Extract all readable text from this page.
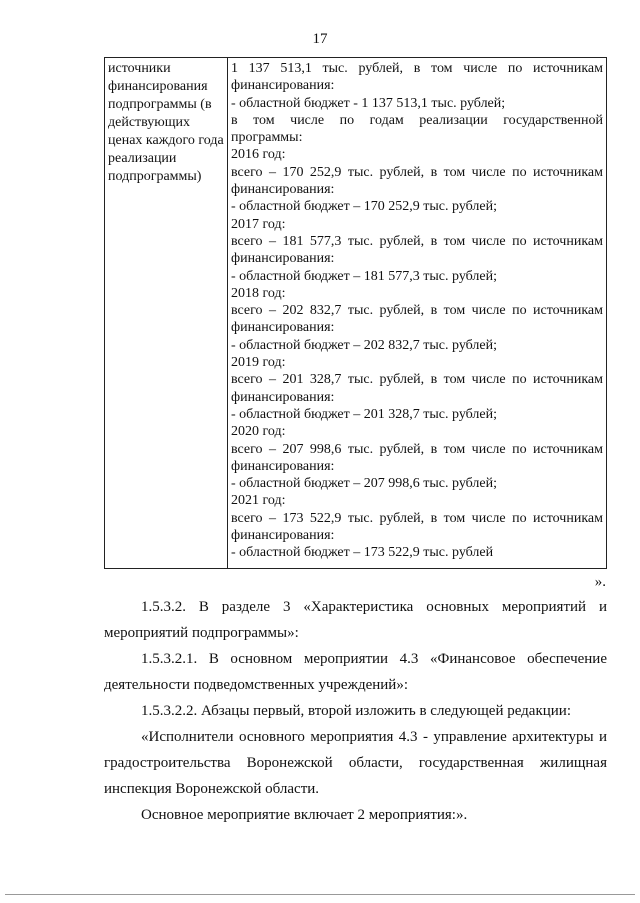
17
источники финансирования подпрограммы (в действующих ценах каждого года реализации подпрограммы)

1 137 513,1 тыс. рублей, в том числе по источникам
финансирования:
- областной бюджет - 1 137 513,1 тыс. рублей;
в том числе по годам реализации государственной
программы:
2016 год:
всего – 170 252,9 тыс. рублей, в том числе по источникам
финансирования:
- областной бюджет – 170 252,9 тыс. рублей;
2017 год:
всего – 181 577,3 тыс. рублей, в том числе по источникам
финансирования:
- областной бюджет – 181 577,3 тыс. рублей;
2018 год:
всего – 202 832,7 тыс. рублей, в том числе по источникам
финансирования:
- областной бюджет – 202 832,7 тыс. рублей;
2019 год:
всего – 201 328,7 тыс. рублей, в том числе по источникам
финансирования:
- областной бюджет – 201 328,7 тыс. рублей;
2020 год:
всего – 207 998,6 тыс. рублей, в том числе по источникам
финансирования:
- областной бюджет – 207 998,6 тыс. рублей;
2021 год:
всего – 173 522,9 тыс. рублей, в том числе по источникам
финансирования:
- областной бюджет – 173 522,9 тыс. рублей
».
1.5.3.2. В разделе 3 «Характеристика основных мероприятий и мероприятий подпрограммы»:
1.5.3.2.1. В основном мероприятии 4.3 «Финансовое обеспечение деятельности подведомственных учреждений»:
1.5.3.2.2. Абзацы первый, второй изложить в следующей редакции:
«Исполнители основного мероприятия 4.3 - управление архитектуры и градостроительства Воронежской области, государственная жилищная инспекция Воронежской области.
Основное мероприятие включает 2 мероприятия:».
